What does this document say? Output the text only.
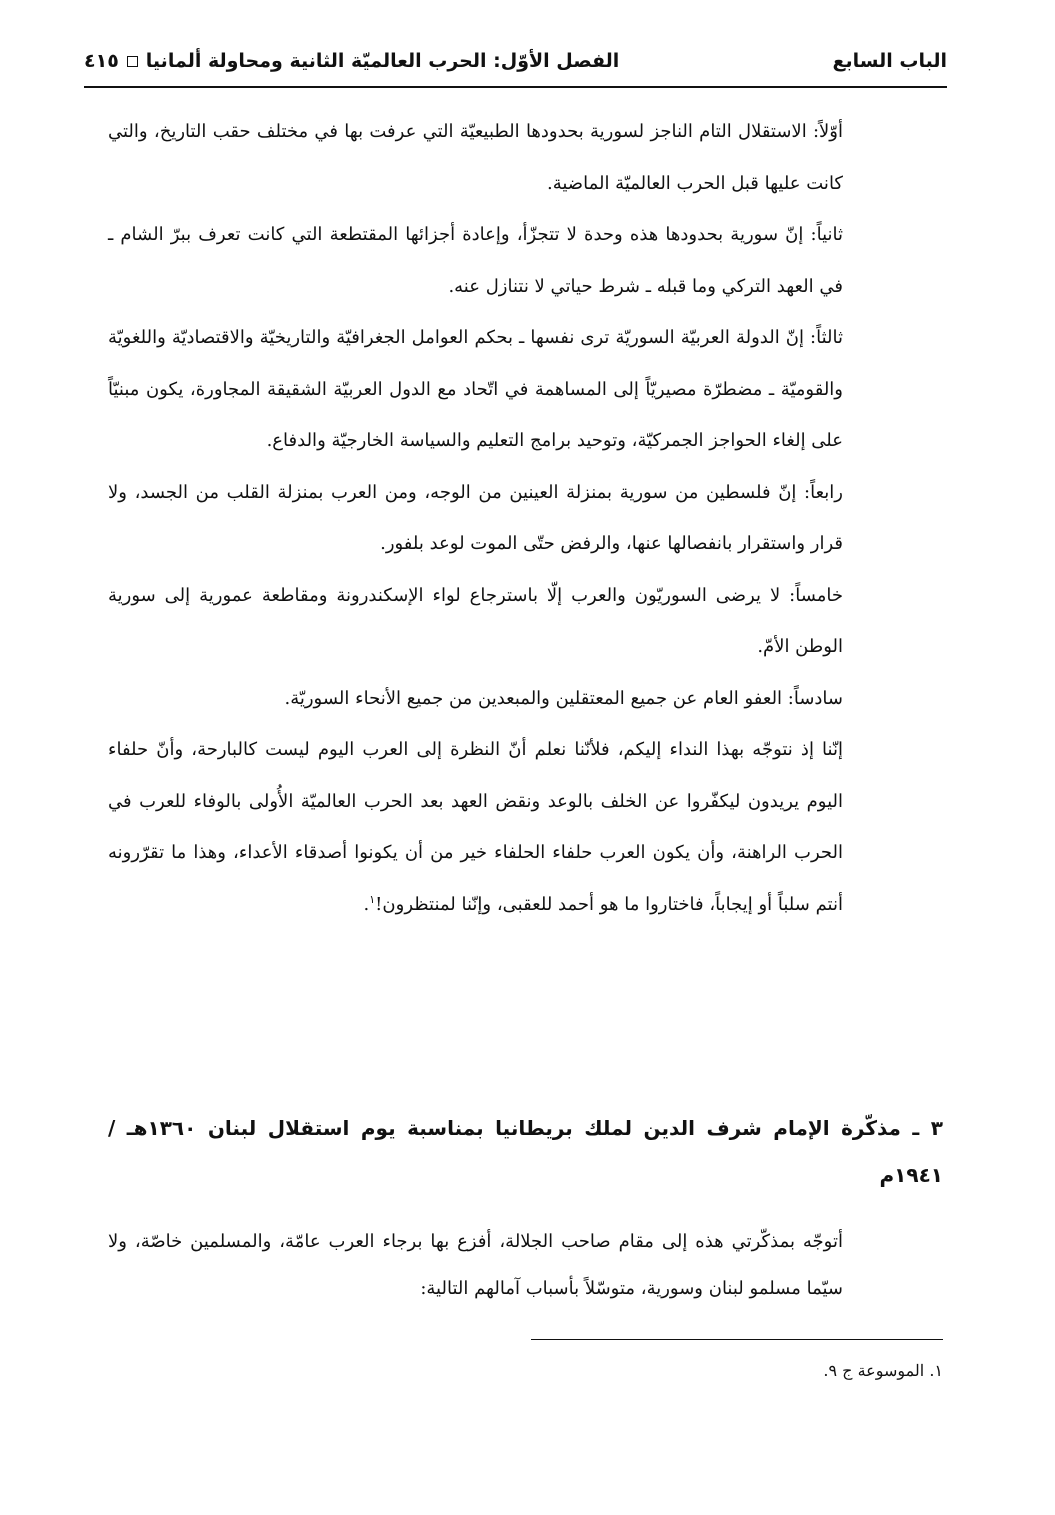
الباب السابع
الفصل الأوّل: الحرب العالميّة الثانية ومحاولة ألمانيا
٤١٥

أوّلاً: الاستقلال التام الناجز لسورية بحدودها الطبيعيّة التي عرفت بها في مختلف حقب التاريخ، والتي كانت عليها قبل الحرب العالميّة الماضية.

ثانياً: إنّ سورية بحدودها هذه وحدة لا تتجزّأ، وإعادة أجزائها المقتطعة التي كانت تعرف ببرّ الشام ـ في العهد التركي وما قبله ـ شرط حياتي لا نتنازل عنه.

ثالثاً: إنّ الدولة العربيّة السوريّة ترى نفسها ـ بحكم العوامل الجغرافيّة والتاريخيّة والاقتصاديّة واللغويّة والقوميّة ـ مضطرّة مصيريّاً إلى المساهمة في اتّحاد مع الدول العربيّة الشقيقة المجاورة، يكون مبنيّاً على إلغاء الحواجز الجمركيّة، وتوحيد برامج التعليم والسياسة الخارجيّة والدفاع.

رابعاً: إنّ فلسطين من سورية بمنزلة العينين من الوجه، ومن العرب بمنزلة القلب من الجسد، ولا قرار واستقرار بانفصالها عنها، والرفض حتّى الموت لوعد بلفور.

خامساً: لا يرضى السوريّون والعرب إلّا باسترجاع لواء الإسكندرونة ومقاطعة عمورية إلى سورية الوطن الأمّ.

سادساً: العفو العام عن جميع المعتقلين والمبعدين من جميع الأنحاء السوريّة.

إنّنا إذ نتوجّه بهذا النداء إليكم، فلأنّنا نعلم أنّ النظرة إلى العرب اليوم ليست كالبارحة، وأنّ حلفاء اليوم يريدون ليكفّروا عن الخلف بالوعد ونقض العهد بعد الحرب العالميّة الأُولى بالوفاء للعرب في الحرب الراهنة، وأن يكون العرب حلفاء الحلفاء خير من أن يكونوا أصدقاء الأعداء، وهذا ما تقرّرونه أنتم سلباً أو إيجاباً، فاختاروا ما هو أحمد للعقبى، وإنّنا لمنتظرون!$^١$.

٣ ـ مذكّرة الإمام شرف الدين لملك بريطانيا بمناسبة يوم استقلال لبنان ١٣٦٠هـ / ١٩٤١م

أتوجّه بمذكّرتي هذه إلى مقام صاحب الجلالة، أفزع بها برجاء العرب عامّة، والمسلمين خاصّة، ولا سيّما مسلمو لبنان وسورية، متوسّلاً بأسباب آمالهم التالية:

١. الموسوعة ج ٩.
